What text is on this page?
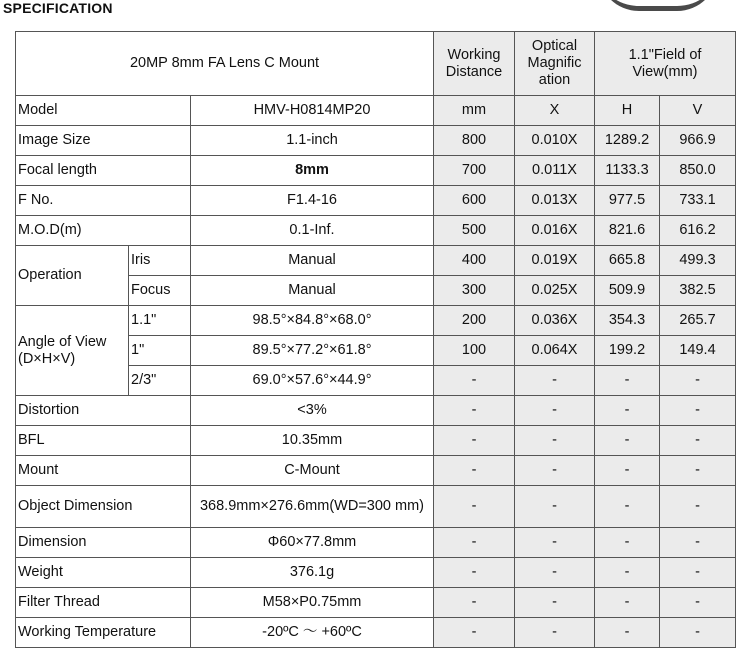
SPECIFICATION
20MP 8mm FA Lens C Mount			Working Distance	Optical Magnific ation	1.1"Field of View(mm)	
Model		HMV-H0814MP20	mm	X	H	V
Image Size		1.1-inch	800	0.010X	1289.2	966.9
Focal length		8mm	700	0.011X	1133.3	850.0
F No.		F1.4-16	600	0.013X	977.5	733.1
M.O.D(m)		0.1-Inf.	500	0.016X	821.6	616.2
Operation	Iris	Manual	400	0.019X	665.8	499.3
	Focus	Manual	300	0.025X	509.9	382.5
Angle of View (D×H×V)	1.1"	98.5°×84.8°×68.0°	200	0.036X	354.3	265.7
	1"	89.5°×77.2°×61.8°	100	0.064X	199.2	149.4
	2/3"	69.0°×57.6°×44.9°	-	-	-	-
Distortion		<3%	-	-	-	-
BFL		10.35mm	-	-	-	-
Mount		C-Mount	-	-	-	-
Object Dimension		368.9mm×276.6mm(WD=300 mm)	-	-	-	-
Dimension		Φ60×77.8mm	-	-	-	-
Weight		376.1g	-	-	-	-
Filter Thread		M58×P0.75mm	-	-	-	-
Working Temperature		-20ºC ～ +60ºC	-	-	-	-
